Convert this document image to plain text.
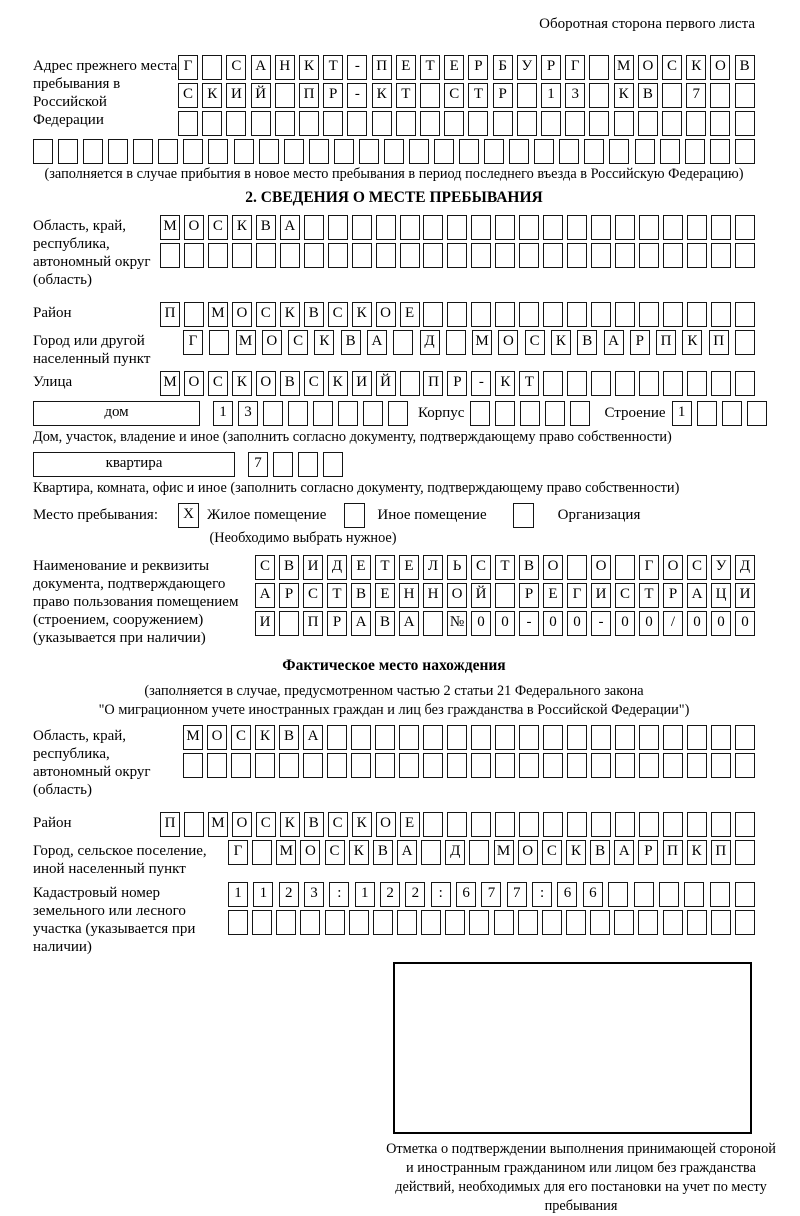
Оборотная сторона первого листа
Адрес прежнего места пребывания в Российской Федерации
Г	С А Н К Т	-	П Е	Т	Е	Р	Б У Р	Г	М О С К О В
С К И Й	П Р	-	К Т	С Т	Р	1	3	К В	7
(заполняется в случае прибытия в новое место пребывания в период последнего въезда в Российскую Федерацию)
2. СВЕДЕНИЯ О МЕСТЕ ПРЕБЫВАНИЯ
Область, край, республика, автономный округ (область)
М О С К В А
Район	П	М О С К В С К О Е
Город или другой населенный пункт
Г	М О	С	К	В	А	Д	М О	С	К	В	А	Р	П	К	П
Улица	М О С К О В С К И Й	П Р	-	К Т
дом	1	3	Корпус	Строение 1
Дом, участок, владение и иное (заполнить согласно документу, подтверждающему право собственности)
квартира	7
Квартира, комната, офис и иное (заполнить согласно документу, подтверждающему право собственности)
Место пребывания:	X Жилое помещение	Иное помещение	Организация
(Необходимо выбрать нужное)
Наименование и реквизиты документа, подтверждающего право пользования помещением (строением, сооружением) (указывается при наличии)
С В И Д Е Т Е Л Ь С Т В О	О	Г О С У Д
А Р С Т В Е Н Н О Й	Р	Е	Г И С Т	Р А Ц И
И	П Р А В А	№ 0	0	-	0	0	-	0	0	/	0	0	0
Фактическое место нахождения
(заполняется в случае, предусмотренном частью 2 статьи 21 Федерального закона
"О миграционном учете иностранных граждан и лиц без гражданства в Российской Федерации")
Область, край, республика, автономный округ (область)
М О С К В А
Район	П	М О С К В С К О Е
Город, сельское поселение, иной населенный пункт
Г	М О С К В А	Д	М О С К В А Р П К П
Кадастровый номер земельного или лесного участка (указывается при наличии)
1	1	2	3	:	1	2	2	:	6	7	7	:	6	6
Отметка о подтверждении выполнения принимающей стороной и иностранным гражданином или лицом без гражданства действий, необходимых для его постановки на учет по месту пребывания
